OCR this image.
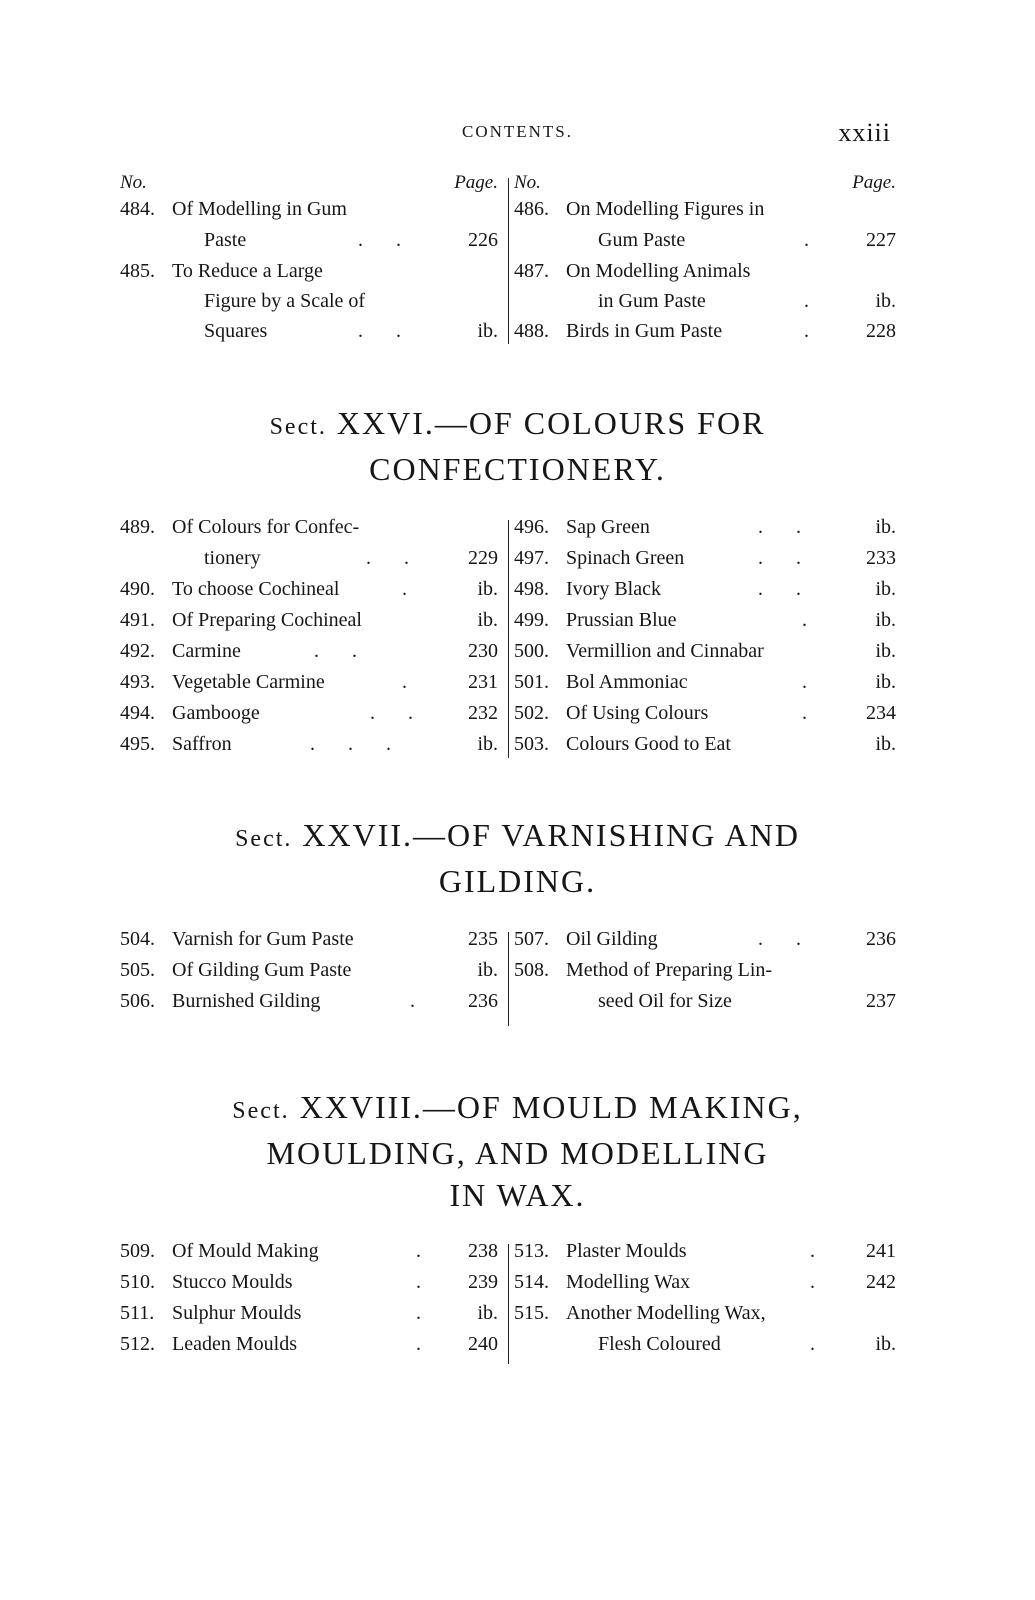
CONTENTS.	xxiii
No.	Page.
484. Of Modelling in Gum
Paste	. .	226
485. To Reduce a Large
Figure by a Scale of
Squares	. .	ib.
No.	Page.
486. On Modelling Figures in
Gum Paste	. 227
487. On Modelling Animals
in Gum Paste	.	ib.
488. Birds in Gum Paste	. 228
Sect. XXVI.—OF COLOURS FOR
CONFECTIONERY.
489. Of Colours for Confec-
tionery	. . 229
490. To choose Cochineal	.	ib.
491. Of Preparing Cochineal	ib.
492. Carmine	. .	230
493. Vegetable Carmine	. 231
494. Gambooge	. . 232
495. Saffron	. . .	ib.
496. Sap Green	. .	ib.
497. Spinach Green	. .	233
498. Ivory Black	. .	ib.
499. Prussian Blue	.	ib.
500. Vermillion and Cinnabar	ib.
501. Bol Ammoniac	.	ib.
502. Of Using Colours	. 234
503. Colours Good to Eat	ib.
Sect. XXVII.—OF VARNISHING AND
GILDING.
504. Varnish for Gum Paste	235
505. Of Gilding Gum Paste	ib.
506. Burnished Gilding	. 236
507. Oil Gilding	. .	236
508. Method of Preparing Lin-
seed Oil for Size	237
Sect. XXVIII.—OF MOULD MAKING,
MOULDING, AND MODELLING
IN WAX.
509. Of Mould Making	. 238
510. Stucco Moulds	. 239
511. Sulphur Moulds	. ib.
512. Leaden Moulds	. 240
513. Plaster Moulds	. 241
514. Modelling Wax	. 242
515. Another Modelling Wax,
Flesh Coloured	. ib.
